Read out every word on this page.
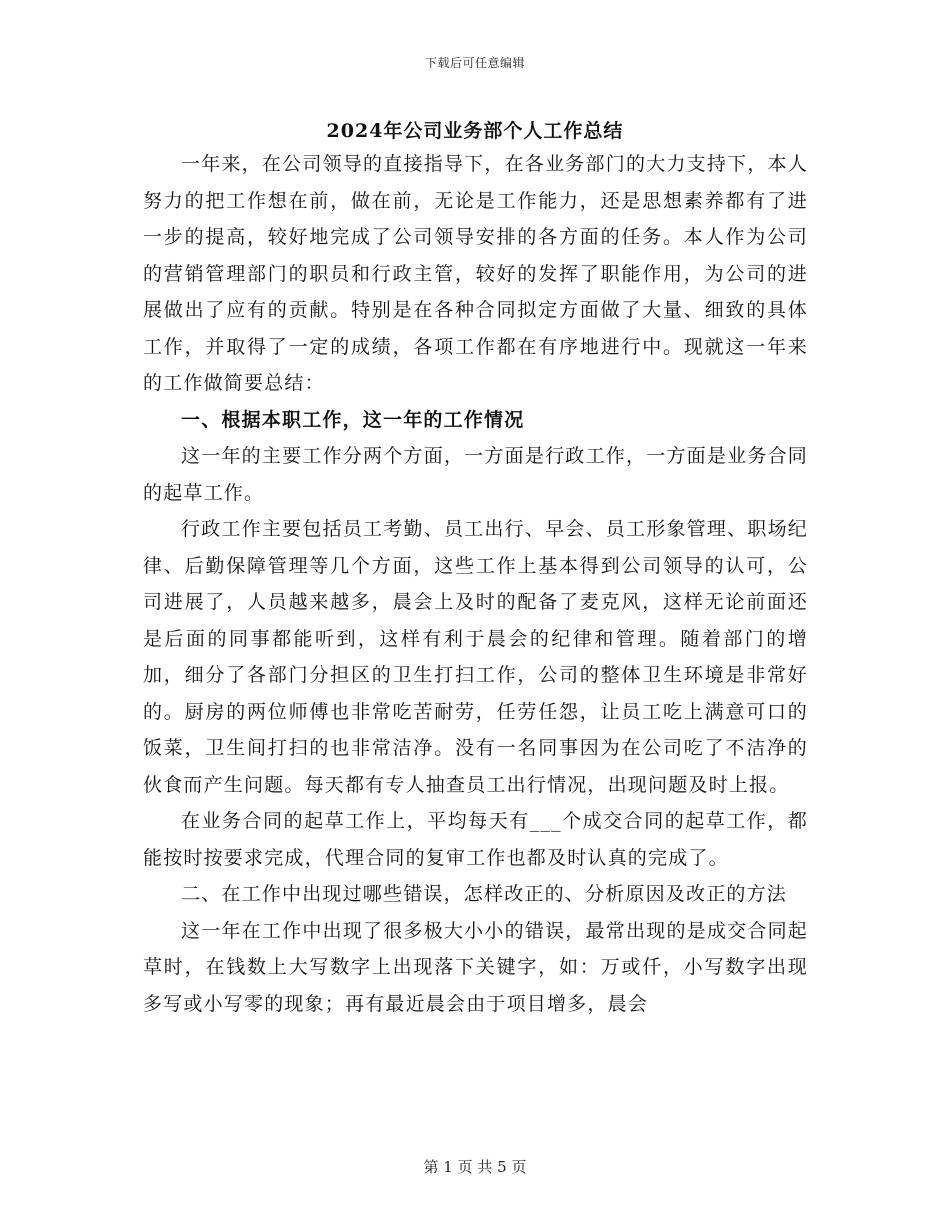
下载后可任意编辑
2024年公司业务部个人工作总结

一年来，在公司领导的直接指导下，在各业务部门的大力支持下，本人努力的把工作想在前，做在前，无论是工作能力，还是思想素养都有了进一步的提高，较好地完成了公司领导安排的各方面的任务。本人作为公司的营销管理部门的职员和行政主管，较好的发挥了职能作用，为公司的进展做出了应有的贡献。特别是在各种合同拟定方面做了大量、细致的具体工作，并取得了一定的成绩，各项工作都在有序地进行中。现就这一年来的工作做简要总结：

一、根据本职工作，这一年的工作情况

这一年的主要工作分两个方面，一方面是行政工作，一方面是业务合同的起草工作。

行政工作主要包括员工考勤、员工出行、早会、员工形象管理、职场纪律、后勤保障管理等几个方面，这些工作上基本得到公司领导的认可，公司进展了，人员越来越多，晨会上及时的配备了麦克风，这样无论前面还是后面的同事都能听到，这样有利于晨会的纪律和管理。随着部门的增加，细分了各部门分担区的卫生打扫工作，公司的整体卫生环境是非常好的。厨房的两位师傅也非常吃苦耐劳，任劳任怨，让员工吃上满意可口的饭菜，卫生间打扫的也非常洁净。没有一名同事因为在公司吃了不洁净的伙食而产生问题。每天都有专人抽查员工出行情况，出现问题及时上报。

在业务合同的起草工作上，平均每天有___个成交合同的起草工作，都能按时按要求完成，代理合同的复审工作也都及时认真的完成了。

二、在工作中出现过哪些错误，怎样改正的、分析原因及改正的方法

这一年在工作中出现了很多极大小小的错误，最常出现的是成交合同起草时，在钱数上大写数字上出现落下关键字，如：万或仟，小写数字出现多写或小写零的现象；再有最近晨会由于项目增多，晨会

第 1 页 共 5 页
